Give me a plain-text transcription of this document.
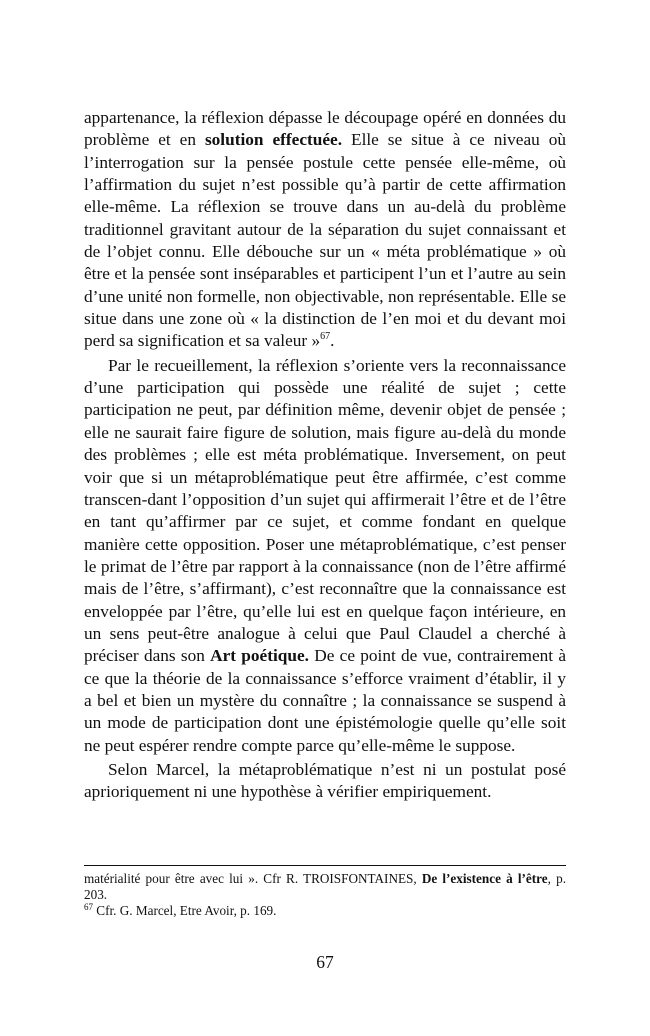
appartenance, la réflexion dépasse le découpage opéré en données du problème et en solution effectuée. Elle se situe à ce niveau où l’interrogation sur la pensée postule cette pensée elle-même, où l’affirmation du sujet n’est possible qu’à partir de cette affirmation elle-même. La réflexion se trouve dans un au-delà du problème traditionnel gravitant autour de la séparation du sujet connaissant et de l’objet connu. Elle débouche sur un « méta problématique » où être et la pensée sont inséparables et participent l’un et l’autre au sein d’une unité non formelle, non objectivable, non représentable. Elle se situe dans une zone où « la distinction de l’en moi et du devant moi perd sa signification et sa valeur »$^{67}$.

Par le recueillement, la réflexion s’oriente vers la reconnaissance d’une participation qui possède une réalité de sujet ; cette participation ne peut, par définition même, devenir objet de pensée ; elle ne saurait faire figure de solution, mais figure au-delà du monde des problèmes ; elle est méta problématique. Inversement, on peut voir que si un métaproblématique peut être affirmée, c’est comme transcen-dant l’opposition d’un sujet qui affirmerait l’être et de l’être en tant qu’affirmer par ce sujet, et comme fondant en quelque manière cette opposition. Poser une métaproblématique, c’est penser le primat de l’être par rapport à la connaissance (non de l’être affirmé mais de l’être, s’affirmant), c’est reconnaître que la connaissance est enveloppée par l’être, qu’elle lui est en quelque façon intérieure, en un sens peut-être analogue à celui que Paul Claudel a cherché à préciser dans son Art poétique. De ce point de vue, contrairement à ce que la théorie de la connaissance s’efforce vraiment d’établir, il y a bel et bien un mystère du connaître ; la connaissance se suspend à un mode de participation dont une épistémologie quelle qu’elle soit ne peut espérer rendre compte parce qu’elle-même le suppose.

Selon Marcel, la métaproblématique n’est ni un postulat posé aprioriquement ni une hypothèse à vérifier empiriquement.

matérialité pour être avec lui ». Cfr R. TROISFONTAINES, De l’existence à l’être, p. 203.

$^{67}$ Cfr. G. Marcel, Etre Avoir, p. 169.

67
